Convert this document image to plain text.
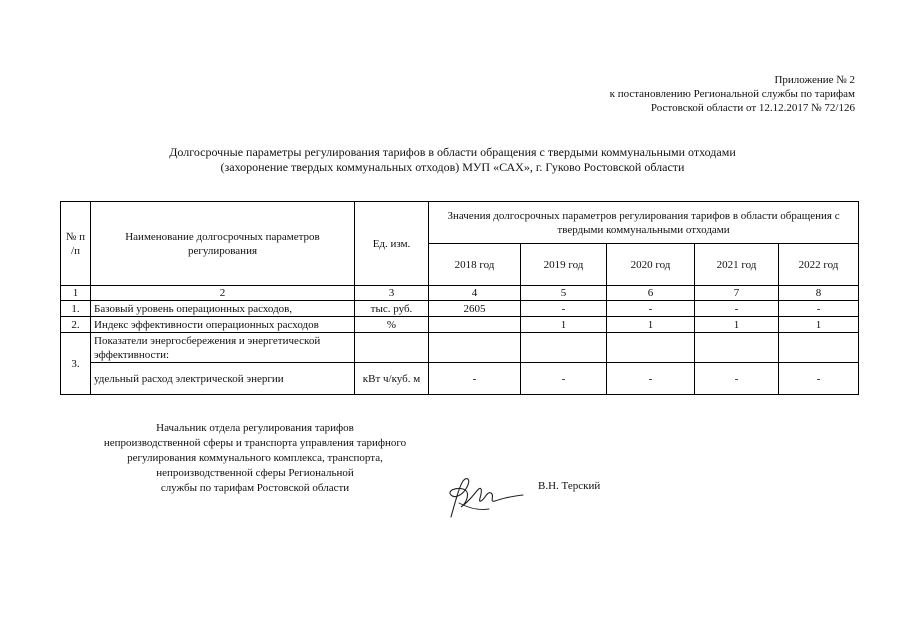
Приложение № 2
к постановлению Региональной службы по тарифам
Ростовской области от 12.12.2017 № 72/126
Долгосрочные параметры регулирования тарифов в области обращения с твердыми коммунальными отходами
(захоронение твердых коммунальных отходов) МУП «САХ», г. Гуково Ростовской области
№ п /п	Наименование долгосрочных параметров регулирования	Ед. изм.	Значения долгосрочных параметров регулирования тарифов в области обращения с твердыми коммунальными отходами				
			2018 год	2019 год	2020 год	2021 год	2022 год
1	2	3	4	5	6	7	8
1.	Базовый уровень операционных расходов,	тыс. руб.	2605	-	-	-	-
2.	Индекс эффективности операционных расходов	%		1	1	1	1
3.	Показатели энергосбережения и энергетической эффективности:						
	удельный расход электрической энергии	кВт ч/куб. м	-	-	-	-	-
Начальник отдела регулирования тарифов
непроизводственной сферы и транспорта управления тарифного
регулирования коммунального комплекса, транспорта,
непроизводственной сферы Региональной
службы по тарифам Ростовской области	В.Н. Терский
